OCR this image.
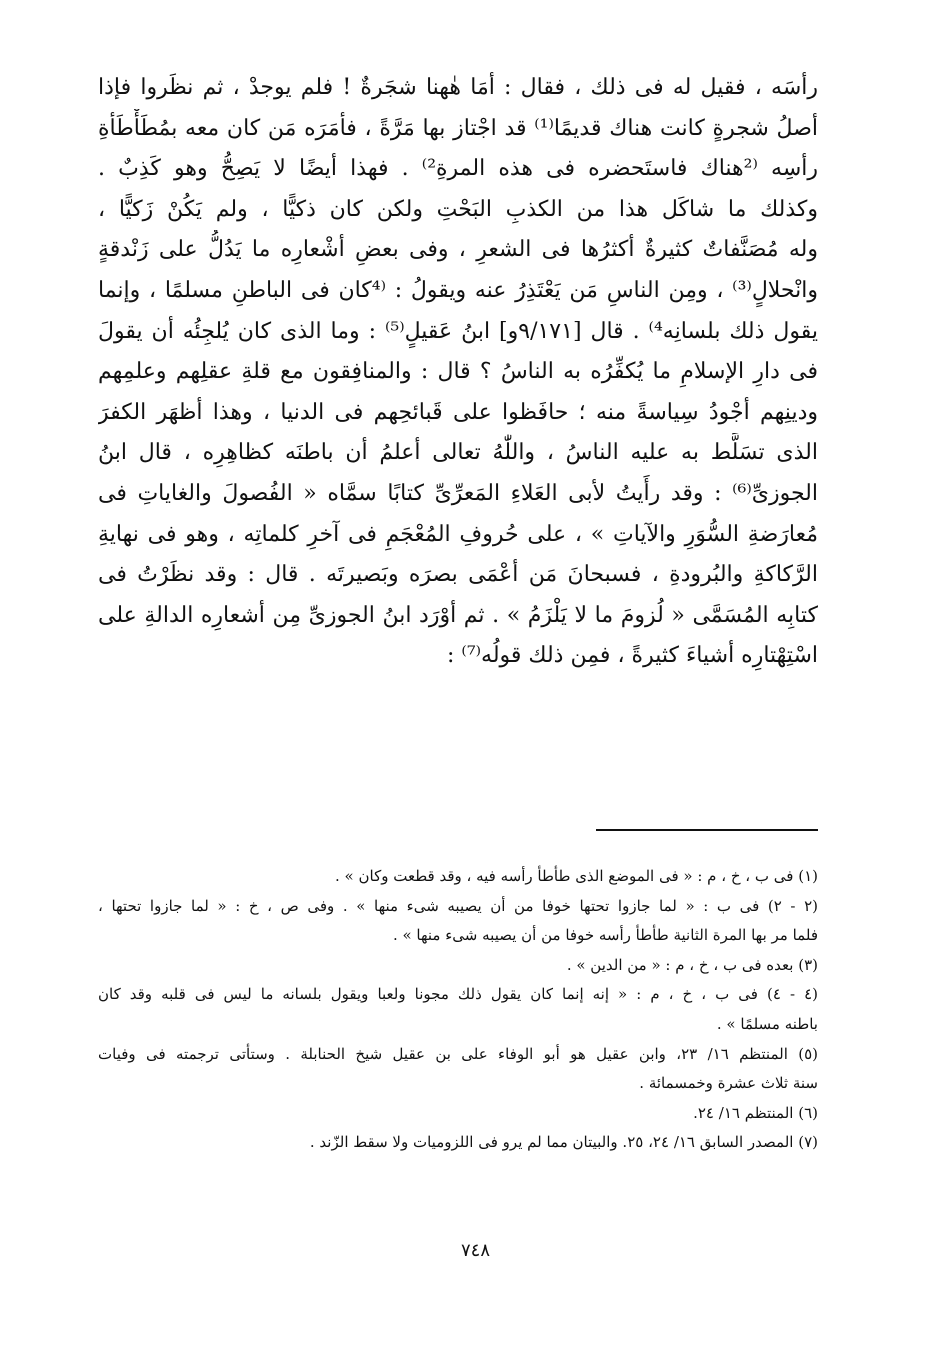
رأسَه ، فقيل له فى ذلك ، فقال : أمَا هٰهنا شجَرةٌ ! فلم يوجدْ ، ثم نظَروا فإذا
أصلُ شجرةٍ كانت هناك قديمًا⁽¹⁾ قد اجْتاز بها مَرَّةً ، فأمَرَه مَن كان معه بمُطَأْطَأةِ
رأسِه ⁽²هناك فاستَحضره فى هذه المرةِ²⁾ . فهذا أيضًا لا يَصِحُّ وهو كَذِبٌ .
وكذلك ما شاكَل هذا من الكذبِ البَحْتِ ولكن كان ذكيًّا ، ولم يَكُنْ زَكيًّا ،
وله مُصَنَّفاتٌ كثيرةٌ أكثرُها فى الشعرِ ، وفى بعضِ أشْعارِه ما يَدُلُّ على زَنْدقةٍ
وانْحلالٍ⁽³⁾ ، ومِن الناسِ مَن يَعْتَذِرُ عنه ويقولُ : ⁽⁴كان فى الباطنِ مسلمًا ، وإنما
يقول ذلك بلسانِه⁴⁾ . قال [٩/١٧١و] ابنُ عَقيلٍ⁽⁵⁾ : وما الذى كان يُلجِئُه أن يقولَ
فى دارِ الإسلامِ ما يُكفِّرُه به الناسُ ؟ قال : والمنافِقون مع قلةِ عقلِهم وعلمِهم
ودينِهم أجْودُ سِياسةً منه ؛ حافَظوا على قَبائحِهم فى الدنيا ، وهذا أظهَر الكفرَ
الذى تسَلَّط به عليه الناسُ ، واللّٰهُ تعالى أعلمُ أن باطنَه كظاهِرِه ، قال ابنُ
الجوزىِّ⁽⁶⁾ : وقد رأَيتُ لأبى العَلاءِ المَعرِّىِّ كتابًا سمَّاه « الفُصولَ والغاياتِ فى
مُعارَضةِ السُّوَرِ والآياتِ » ، على حُروفِ المُعْجَمِ فى آخرِ كلماتِه ، وهو فى نهايةِ
الرَّكاكةِ والبُرودةِ ، فسبحانَ مَن أعْمَى بصرَه وبَصيرتَه . قال : وقد نظَرْتُ فى
كتابِه المُسَمَّى « لُزومَ ما لا يَلْزَمُ » . ثم أوْرَد ابنُ الجوزىِّ مِن أشعارِه الدالةِ على
اسْتِهْتارِه أشياءَ كثيرةً ، فمِن ذلك قولُه⁽⁷⁾ :
(١) فى ب ، خ ، م : « فى الموضع الذى طأطأ رأسه فيه ، وقد قطعت وكان » .
(٢ - ٢) فى ب : « لما جازوا تحتها خوفا من أن يصيبه شىء منها » . وفى ص ، خ : « لما جازوا تحتها ،
فلما مر بها المرة الثانية طأطأ رأسه خوفا من أن يصيبه شىء منها » .
(٣) بعده فى ب ، خ ، م : « من الدين » .
(٤ - ٤) فى ب ، خ ، م : « إنه إنما كان يقول ذلك مجونا ولعبا ويقول بلسانه ما ليس فى قلبه وقد كان
باطنه مسلمًا » .
(٥) المنتظم ١٦/ ٢٣، وابن عقيل هو أبو الوفاء على بن عقيل شيخ الحنابلة . وستأتى ترجمته فى وفيات
سنة ثلاث عشرة وخمسمائة .
(٦) المنتظم ١٦/ ٢٤.
(٧) المصدر السابق ١٦/ ٢٤، ٢٥. والبيتان مما لم يرو فى اللزوميات ولا سقط الزّند .
٧٤٨
